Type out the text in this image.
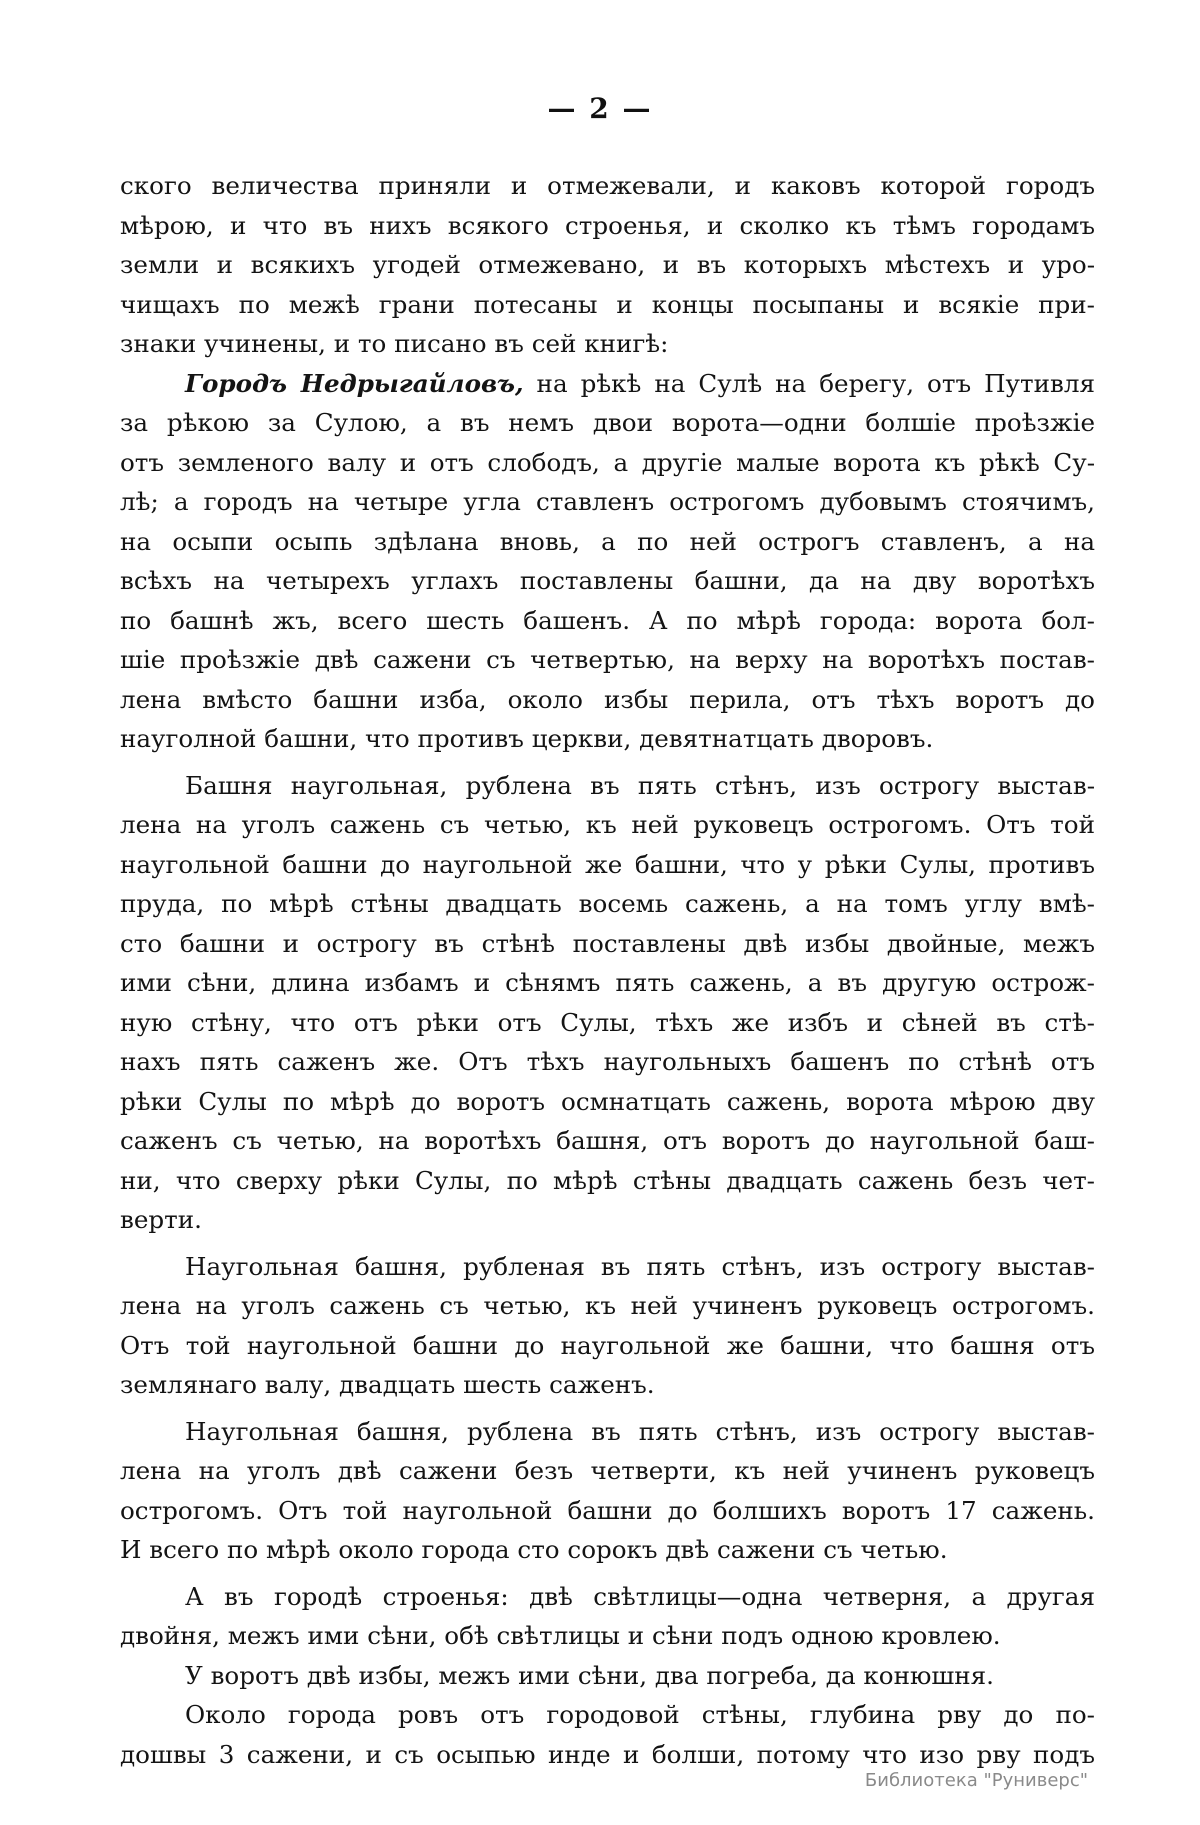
— 2 —
ского величества приняли и отмежевали, и каковъ которой городъ
мѣрою, и что въ нихъ всякого строенья, и сколко къ тѣмъ городамъ
земли и всякихъ угодей отмежевано, и въ которыхъ мѣстехъ и уро-
чищахъ по межѣ грани потесаны и концы посыпаны и всякіе при-
знаки учинены, и то писано въ сей книгѣ:
Городъ Недрыгайловъ, на рѣкѣ на Сулѣ на берегу, отъ Путивля
за рѣкою за Сулою, а въ немъ двои ворота—одни болшіе проѣзжіе
отъ земленого валу и отъ слободъ, а другіе малые ворота къ рѣкѣ Су-
лѣ; а городъ на четыре угла ставленъ острогомъ дубовымъ стоячимъ,
на осыпи осыпь здѣлана вновь, а по ней острогъ ставленъ, а на
всѣхъ на четырехъ углахъ поставлены башни, да на дву воротѣхъ
по башнѣ жъ, всего шесть башенъ. А по мѣрѣ города: ворота бол-
шіе проѣзжіе двѣ сажени съ четвертью, на верху на воротѣхъ постав-
лена вмѣсто башни изба, около избы перила, отъ тѣхъ воротъ до
науголной башни, что противъ церкви, девятнатцать дворовъ.
Башня наугольная, рублена въ пять стѣнъ, изъ острогу выстав-
лена на уголъ сажень съ четью, къ ней руковецъ острогомъ. Отъ той
наугольной башни до наугольной же башни, что у рѣки Сулы, противъ
пруда, по мѣрѣ стѣны двадцать восемь сажень, а на томъ углу вмѣ-
сто башни и острогу въ стѣнѣ поставлены двѣ избы двойные, межъ
ими сѣни, длина избамъ и сѣнямъ пять сажень, а въ другую острож-
ную стѣну, что отъ рѣки отъ Сулы, тѣхъ же избъ и сѣней въ стѣ-
нахъ пять саженъ же. Отъ тѣхъ наугольныхъ башенъ по стѣнѣ отъ
рѣки Сулы по мѣрѣ до воротъ осмнатцать сажень, ворота мѣрою дву
саженъ съ четью, на воротѣхъ башня, отъ воротъ до наугольной баш-
ни, что сверху рѣки Сулы, по мѣрѣ стѣны двадцать сажень безъ чет-
верти.
Наугольная башня, рубленая въ пять стѣнъ, изъ острогу выстав-
лена на уголъ сажень съ четью, къ ней учиненъ руковецъ острогомъ.
Отъ той наугольной башни до наугольной же башни, что башня отъ
землянаго валу, двадцать шесть саженъ.
Наугольная башня, рублена въ пять стѣнъ, изъ острогу выстав-
лена на уголъ двѣ сажени безъ четверти, къ ней учиненъ руковецъ
острогомъ. Отъ той наугольной башни до болшихъ воротъ 17 сажень.
И всего по мѣрѣ около города сто сорокъ двѣ сажени съ четью.
А въ городѣ строенья: двѣ свѣтлицы—одна четверня, а другая
двойня, межъ ими сѣни, обѣ свѣтлицы и сѣни подъ одною кровлею.
У воротъ двѣ избы, межъ ими сѣни, два погреба, да конюшня.
Около города ровъ отъ городовой стѣны, глубина рву до по-
дошвы 3 сажени, и съ осыпью инде и болши, потому что изо рву подъ
Библиотека "Руниверс"
